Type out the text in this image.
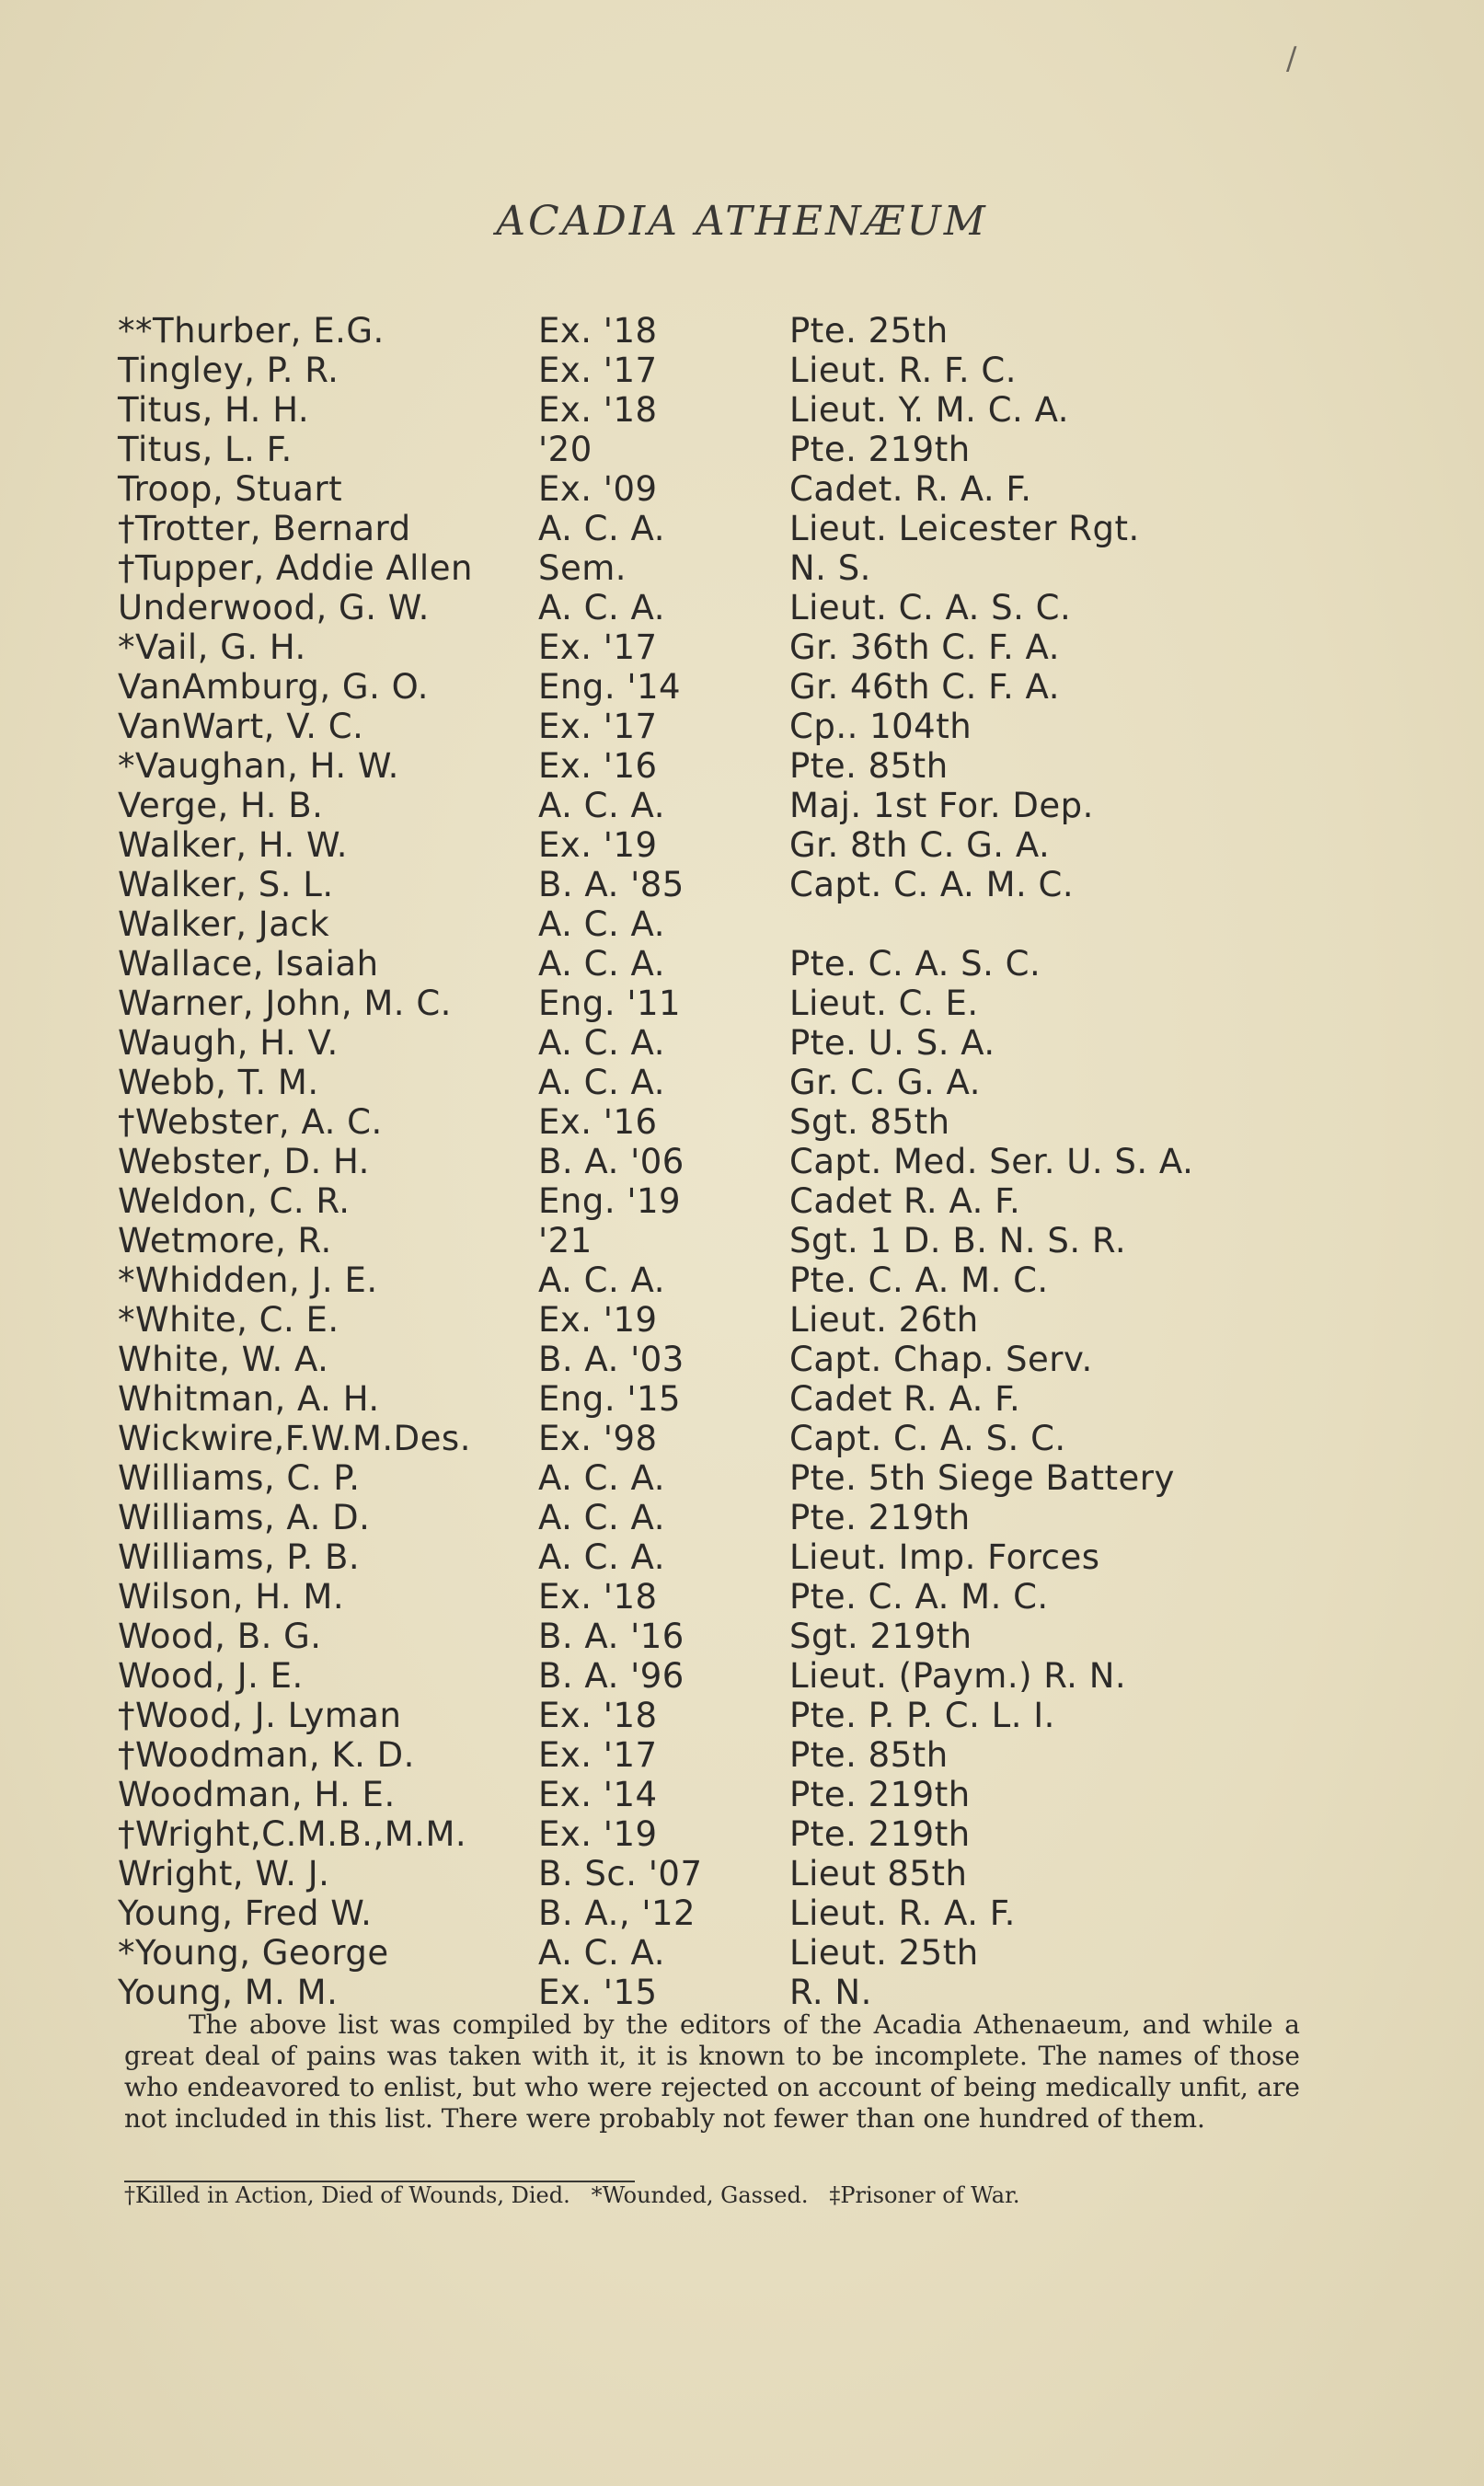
/
ACADIA ATHENÆUM
**Thurber, E.G.	Ex. '18	Pte. 25th
Tingley, P. R.	Ex. '17	Lieut. R. F. C.
Titus, H. H.	Ex. '18	Lieut. Y. M. C. A.
Titus, L. F.	'20	Pte. 219th
Troop, Stuart	Ex. '09	Cadet. R. A. F.
†Trotter, Bernard	A. C. A.	Lieut. Leicester Rgt.
†Tupper, Addie Allen Sem.	N. S.
Underwood, G. W.	A. C. A.	Lieut. C. A. S. C.
*Vail, G. H.	Ex. '17	Gr. 36th C. F. A.
VanAmburg, G. O.	Eng. '14	Gr. 46th C. F. A.
VanWart, V. C.	Ex. '17	Cp.. 104th
*Vaughan, H. W.	Ex. '16	Pte. 85th
Verge, H. B.	A. C. A.	Maj. 1st For. Dep.
Walker, H. W.	Ex. '19	Gr. 8th C. G. A.
Walker, S. L.	B. A. '85	Capt. C. A. M. C.
Walker, Jack	A. C. A.
Wallace, Isaiah	A. C. A.	Pte. C. A. S. C.
Warner, John, M. C.	Eng. '11	Lieut. C. E.
Waugh, H. V.	A. C. A.	Pte. U. S. A.
Webb, T. M.	A. C. A.	Gr. C. G. A.
†Webster, A. C.	Ex. '16	Sgt. 85th
Webster, D. H.	B. A. '06	Capt. Med. Ser. U. S. A.
Weldon, C. R.	Eng. '19	Cadet R. A. F.
Wetmore, R.	'21	Sgt. 1 D. B. N. S. R.
*Whidden, J. E.	A. C. A.	Pte. C. A. M. C.
*White, C. E.	Ex. '19	Lieut. 26th
White, W. A.	B. A. '03	Capt. Chap. Serv.
Whitman, A. H.	Eng. '15	Cadet R. A. F.
Wickwire,F.W.M.Des. Ex. '98	Capt. C. A. S. C.
Williams, C. P.	A. C. A.	Pte. 5th Siege Battery
Williams, A. D.	A. C. A.	Pte. 219th
Williams, P. B.	A. C. A.	Lieut. Imp. Forces
Wilson, H. M.	Ex. '18	Pte. C. A. M. C.
Wood, B. G.	B. A. '16	Sgt. 219th
Wood, J. E.	B. A. '96	Lieut. (Paym.) R. N.
†Wood, J. Lyman	Ex. '18	Pte. P. P. C. L. I.
†Woodman, K. D.	Ex. '17	Pte. 85th
Woodman, H. E.	Ex. '14	Pte. 219th
†Wright,C.M.B.,M.M. Ex. '19	Pte. 219th
Wright, W. J.	B. Sc. '07	Lieut 85th
Young, Fred W.	B. A., '12	Lieut. R. A. F.
*Young, George	A. C. A.	Lieut. 25th
Young, M. M.	Ex. '15	R. N.
The above list was compiled by the editors of the Acadia Athenaeum, and while a great deal of pains was taken with it, it is known to be incomplete. The names of those who endeavored to enlist, but who were rejected on account of being medically unfit, are not included in this list. There were probably not fewer than one hundred of them.
†Killed in Action, Died of Wounds, Died. *Wounded, Gassed. ‡Prisoner of War.
